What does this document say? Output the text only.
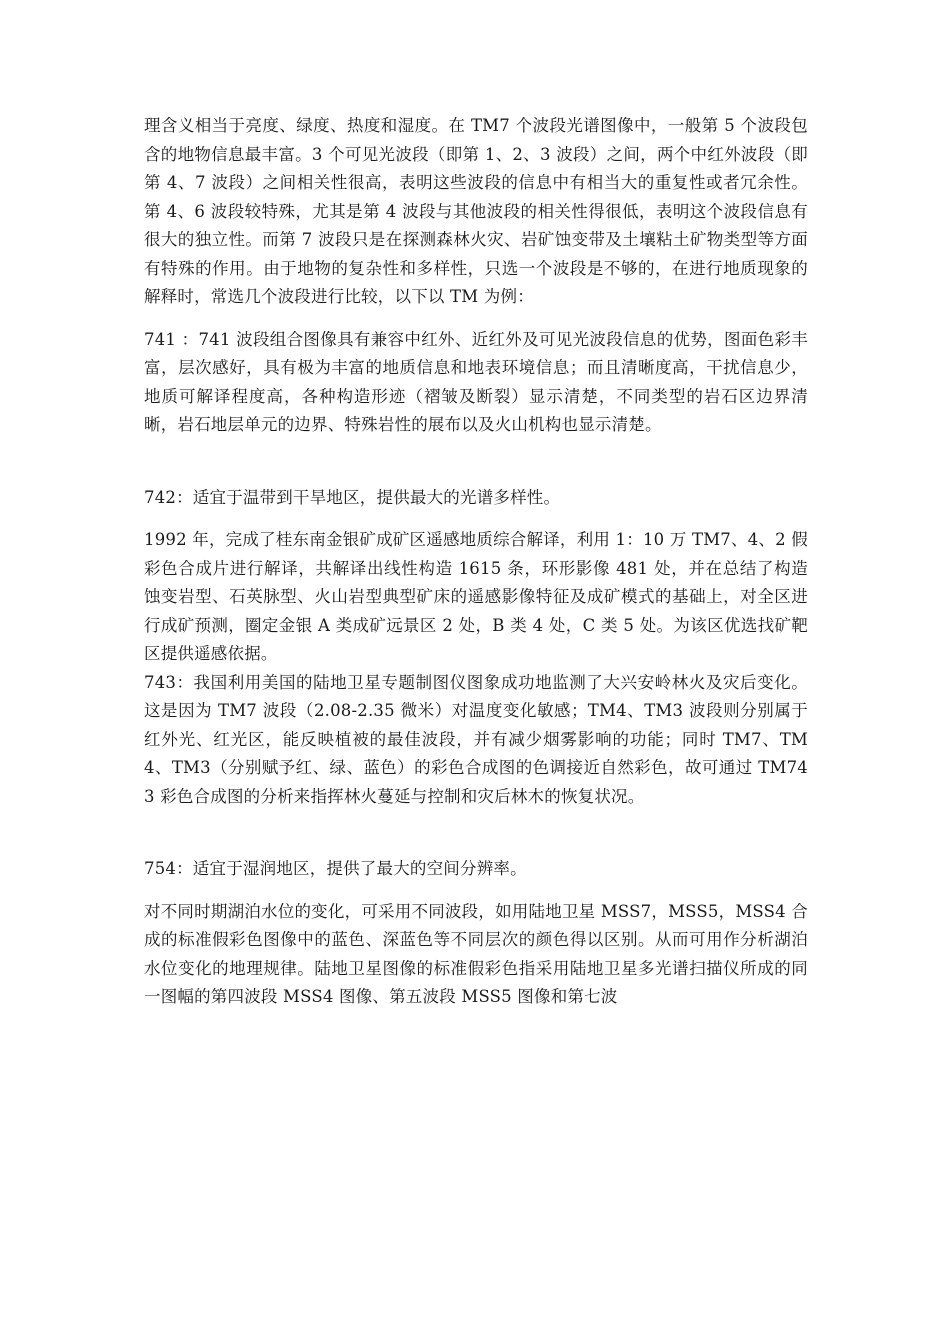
理含义相当于亮度、绿度、热度和湿度。在 TM7 个波段光谱图像中，一般第 5 个波段包含的地物信息最丰富。3 个可见光波段（即第 1、2、3 波段）之间，两个中红外波段（即第 4、7 波段）之间相关性很高，表明这些波段的信息中有相当大的重复性或者冗余性。第 4、6 波段较特殊，尤其是第 4 波段与其他波段的相关性得很低，表明这个波段信息有很大的独立性。而第 7 波段只是在探测森林火灾、岩矿蚀变带及土壤粘土矿物类型等方面有特殊的作用。由于地物的复杂性和多样性，只选一个波段是不够的，在进行地质现象的解释时，常选几个波段进行比较，以下以 TM 为例：

741 ：741 波段组合图像具有兼容中红外、近红外及可见光波段信息的优势，图面色彩丰富，层次感好，具有极为丰富的地质信息和地表环境信息；而且清晰度高，干扰信息少，地质可解译程度高，各种构造形迹（褶皱及断裂）显示清楚，不同类型的岩石区边界清晰，岩石地层单元的边界、特殊岩性的展布以及火山机构也显示清楚。

742：适宜于温带到干旱地区，提供最大的光谱多样性。

1992 年，完成了桂东南金银矿成矿区遥感地质综合解译，利用 1：10 万 TM7、4、2 假彩色合成片进行解译，共解译出线性构造 1615 条，环形影像 481 处，并在总结了构造蚀变岩型、石英脉型、火山岩型典型矿床的遥感影像特征及成矿模式的基础上，对全区进行成矿预测，圈定金银 A 类成矿远景区 2 处，B 类 4 处，C 类 5 处。为该区优选找矿靶区提供遥感依据。

743：我国利用美国的陆地卫星专题制图仪图象成功地监测了大兴安岭林火及灾后变化。这是因为 TM7 波段（2.08-2.35 微米）对温度变化敏感；TM4、TM3 波段则分别属于红外光、红光区，能反映植被的最佳波段，并有减少烟雾影响的功能；同时 TM7、TM4、TM3（分别赋予红、绿、蓝色）的彩色合成图的色调接近自然彩色，故可通过 TM743 彩色合成图的分析来指挥林火蔓延与控制和灾后林木的恢复状况。

754：适宜于湿润地区，提供了最大的空间分辨率。

对不同时期湖泊水位的变化，可采用不同波段，如用陆地卫星 MSS7，MSS5，MSS4 合成的标准假彩色图像中的蓝色、深蓝色等不同层次的颜色得以区别。从而可用作分析湖泊水位变化的地理规律。陆地卫星图像的标准假彩色指采用陆地卫星多光谱扫描仪所成的同一图幅的第四波段 MSS4 图像、第五波段 MSS5 图像和第七波
